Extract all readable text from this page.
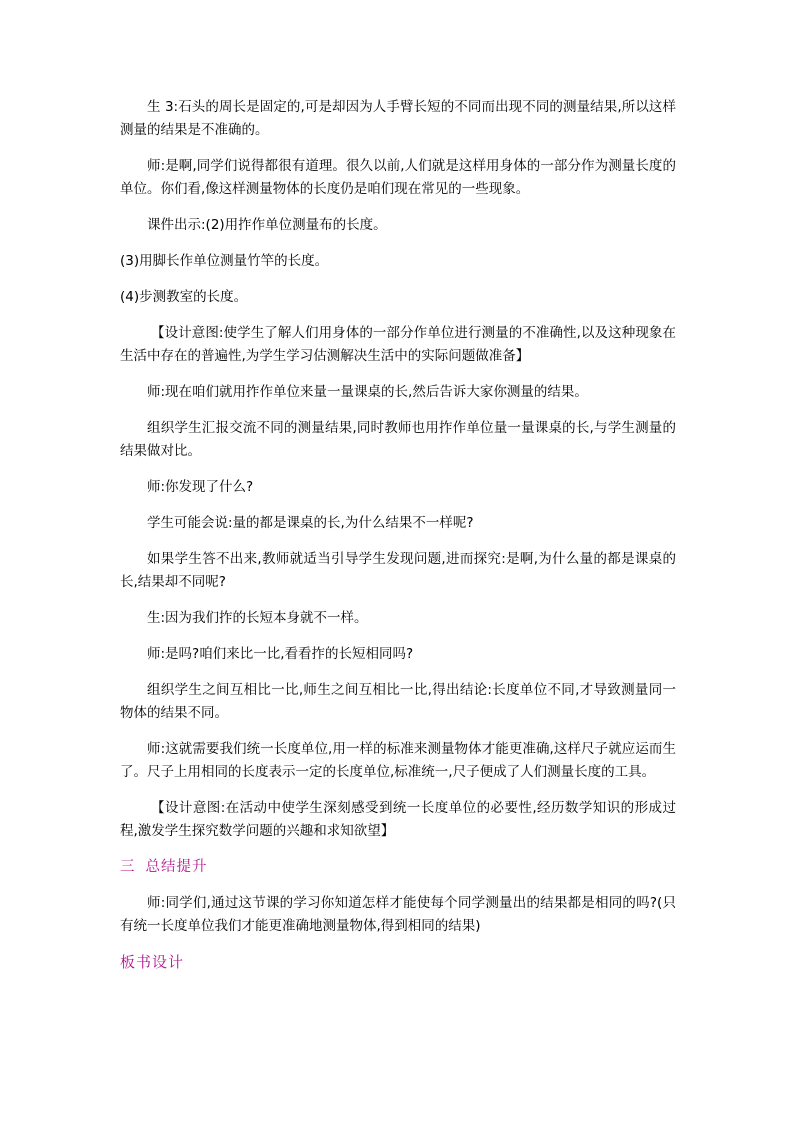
生 3:石头的周长是固定的,可是却因为人手臂长短的不同而出现不同的测量结果,所以这样测量的结果是不准确的。

师:是啊,同学们说得都很有道理。很久以前,人们就是这样用身体的一部分作为测量长度的单位。你们看,像这样测量物体的长度仍是咱们现在常见的一些现象。

课件出示:(2)用拃作单位测量布的长度。

(3)用脚长作单位测量竹竿的长度。

(4)步测教室的长度。

【设计意图:使学生了解人们用身体的一部分作单位进行测量的不准确性,以及这种现象在生活中存在的普遍性,为学生学习估测解决生活中的实际问题做准备】

师:现在咱们就用拃作单位来量一量课桌的长,然后告诉大家你测量的结果。

组织学生汇报交流不同的测量结果,同时教师也用拃作单位量一量课桌的长,与学生测量的结果做对比。

师:你发现了什么?

学生可能会说:量的都是课桌的长,为什么结果不一样呢?

如果学生答不出来,教师就适当引导学生发现问题,进而探究:是啊,为什么量的都是课桌的长,结果却不同呢?

生:因为我们拃的长短本身就不一样。

师:是吗?咱们来比一比,看看拃的长短相同吗?

组织学生之间互相比一比,师生之间互相比一比,得出结论:长度单位不同,才导致测量同一物体的结果不同。

师:这就需要我们统一长度单位,用一样的标准来测量物体才能更准确,这样尺子就应运而生了。尺子上用相同的长度表示一定的长度单位,标准统一,尺子便成了人们测量长度的工具。

【设计意图:在活动中使学生深刻感受到统一长度单位的必要性,经历数学知识的形成过程,激发学生探究数学问题的兴趣和求知欲望】

三 总结提升

师:同学们,通过这节课的学习你知道怎样才能使每个同学测量出的结果都是相同的吗?(只有统一长度单位我们才能更准确地测量物体,得到相同的结果)

板书设计
